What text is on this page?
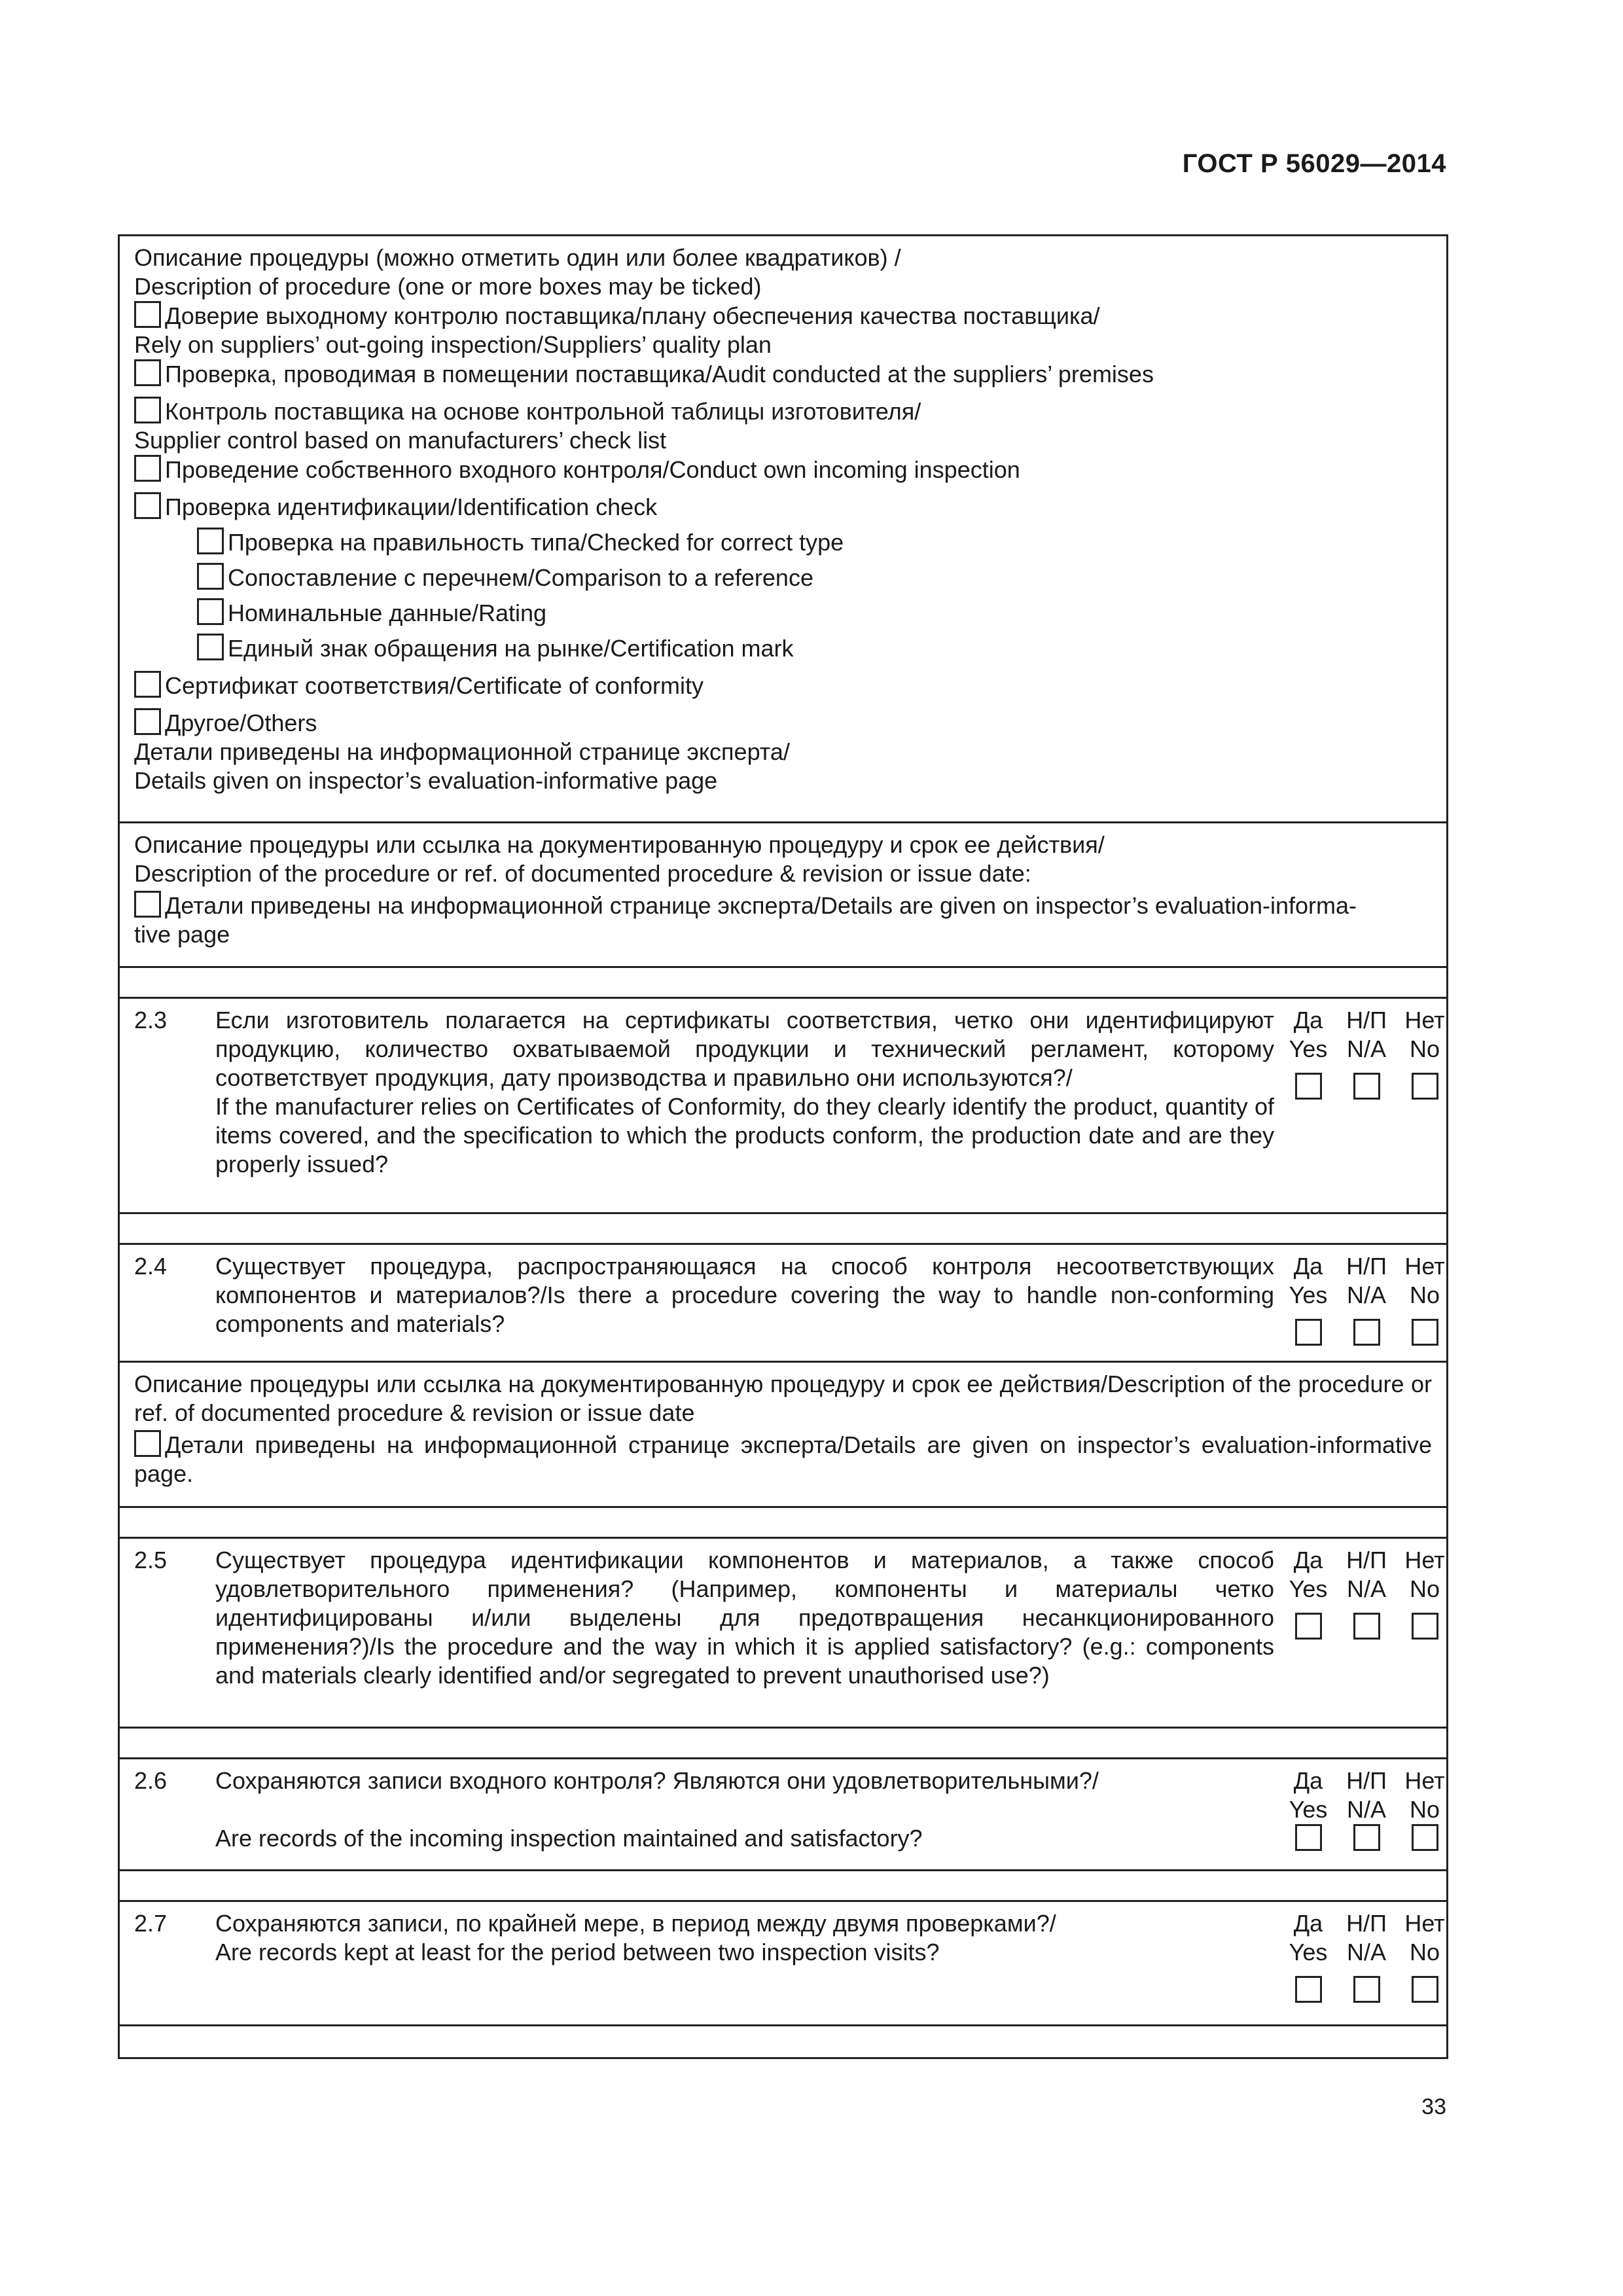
ГОСТ Р 56029—2014
Описание процедуры (можно отметить один или более квадратиков) /
Description of procedure (one or more boxes may be ticked)
Доверие выходному контролю поставщика/плану обеспечения качества поставщика/
Rely on suppliers’ out-going inspection/Suppliers’ quality plan
Проверка, проводимая в помещении поставщика/Audit conducted at the suppliers’ premises
Контроль поставщика на основе контрольной таблицы изготовителя/
Supplier control based on manufacturers’ check list
Проведение собственного входного контроля/Conduct own incoming inspection
Проверка идентификации/Identification check
Проверка на правильность типа/Checked for correct type
Сопоставление с перечнем/Comparison to a reference
Номинальные данные/Rating
Единый знак обращения на рынке/Certification mark
Сертификат соответствия/Certificate of conformity
Другое/Others
Детали приведены на информационной странице эксперта/
Details given on inspector’s evaluation-informative page
Описание процедуры или ссылка на документированную процедуру и срок ее действия/
Description of the procedure or ref. of documented procedure & revision or issue date:
Детали приведены на информационной странице эксперта/Details are given on inspector’s evaluation-informa-
tive page
2.3	Если изготовитель полагается на сертификаты соответствия, четко они идентифицируют продукцию, количество охватываемой продукции и технический регламент, которому соответствует продукция, дату производства и правильно они используются?/
If the manufacturer relies on Certificates of Conformity, do they clearly identify the product, quantity of items covered, and the specification to which the products conform, the production date and are they properly issued?
Да
Yes
Н/П
N/A
Нет
No
2.4	Существует процедура, распространяющаяся на способ контроля несоответствующих компонентов и материалов?/Is there a procedure covering the way to handle non-conforming components and materials?
Да
Yes
Н/П
N/A
Нет
No
Описание процедуры или ссылка на документированную процедуру и срок ее действия/Description of the procedure or ref. of documented procedure & revision or issue date
Детали приведены на информационной странице эксперта/Details are given on inspector’s evaluation-informative page.
2.5	Существует процедура идентификации компонентов и материалов, а также способ удовлетворительного применения? (Например, компоненты и материалы четко идентифицированы и/или выделены для предотвращения несанкционированного применения?)/Is the procedure and the way in which it is applied satisfactory? (e.g.: components and materials clearly identified and/or segregated to prevent unauthorised use?)
Да
Yes
Н/П
N/A
Нет
No
2.6	Сохраняются записи входного контроля? Являются они удовлетворительными?/
Are records of the incoming inspection maintained and satisfactory?
Да
Yes
Н/П
N/A
Нет
No
2.7	Сохраняются записи, по крайней мере, в период между двумя проверками?/
Are records kept at least for the period between two inspection visits?
Да
Yes
Н/П
N/A
Нет
No
33
